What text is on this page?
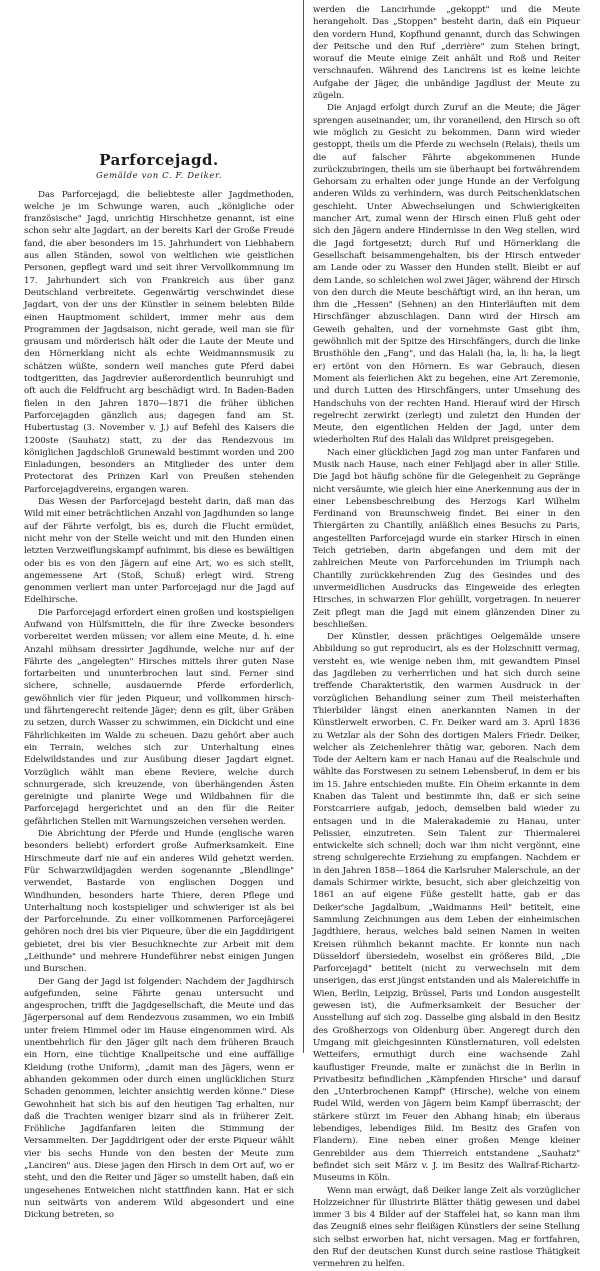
Parforcejagd.
Gemälde von C. F. Deiker.

Das Parforcejagd, die beliebteste aller Jagdmethoden, welche je im Schwunge waren, auch „königliche oder französische" Jagd, unrichtig Hirschhetze genannt, ist eine schon sehr alte Jagdart, an der bereits Karl der Große Freude fand, die aber besonders im 15. Jahrhundert von Liebhabern aus allen Ständen, sowol von weltlichen wie geistlichen Personen, gepflegt ward und seit ihrer Vervollkommnung im 17. Jahrhundert sich von Frankreich aus über ganz Deutschland verbreitete. Gegenwärtig verschwindet diese Jagdart, von der uns der Künstler in seinem belebten Bilde einen Hauptmoment schildert, immer mehr aus dem Programmen der Jagdsaison, nicht gerade, weil man sie für grausam und mörderisch hält oder die Laute der Meute und den Hörnerklang nicht als echte Weidmannsmusik zu schätzen wüßte, sondern weil manches gute Pferd dabei todtgeritten, das Jagdrevier außerordentlich beunruhigt und oft auch die Feldfrucht arg beschädigt wird. In Baden-Baden fielen in den Jahren 1870—1871 die früher üblichen Parforcejagden gänzlich aus; dagegen fand am St. Hubertustag (3. November v. J.) auf Befehl des Kaisers die 1200ste (Sauhatz) statt, zu der das Rendezvous im königlichen Jagdschloß Grunewald bestimmt worden und 200 Einladungen, besonders an Mitglieder des unter dem Protectorat des Prinzen Karl von Preußen stehenden Parforcejagdvereins, ergangen waren.

Das Wesen der Parforcejagd besteht darin, daß man das Wild mit einer beträchtlichen Anzahl von Jagdhunden so lange auf der Fährte verfolgt, bis es, durch die Flucht ermüdet, nicht mehr von der Stelle weicht und mit den Hunden einen letzten Verzweiflungskampf aufnimmt, bis diese es bewältigen oder bis es von den Jägern auf eine Art, wo es sich stellt, angemessene Art (Stoß, Schuß) erlegt wird. Streng genommen verliert man unter Parforcejagd nur die Jagd auf Edelhirsche.

Die Parforcejagd erfordert einen großen und kostspieligen Aufwand von Hülfsmitteln, die für ihre Zwecke besonders vorbereitet werden müssen; vor allem eine Meute, d. h. eine Anzahl mühsam dressirter Jagdhunde, welche nur auf der Fährte des „angelegten" Hirsches mittels ihrer guten Nase fortarbeiten und ununterbrochen laut sind. Ferner sind sichere, schnelle, ausdauernde Pferde erforderlich, gewöhnlich vier für jeden Piqueur, und vollkommen hirsch- und fährtengerecht reitende Jäger; denn es gilt, über Gräben zu setzen, durch Wasser zu schwimmen, ein Dickicht und eine Fährlichkeiten im Walde zu scheuen. Dazu gehört aber auch ein Terrain, welches sich zur Unterhaltung eines Edelwildstandes und zur Ausübung dieser Jagdart eignet. Vorzüglich wählt man ebene Reviere, welche durch schnurgerade, sich kreuzende, von überhängenden Ästen gereinigte und planirte Wege und Wildbahnen für die Parforcejagd hergerichtet und an den für die Reiter gefährlichen Stellen mit Warnungszeichen versehen werden.

Die Abrichtung der Pferde und Hunde (englische waren besonders beliebt) erfordert große Aufmerksamkeit. Eine Hirschmeute darf nie auf ein anderes Wild gehetzt werden. Für Schwarzwildjagden werden sogenannte „Blendlinge" verwendet, Bastarde von englischen Doggen und Windhunden, besonders harte Thiere, deren Pflege und Unterhaltung noch kostspieliger und schwieriger ist als bei der Parforcehunde. Zu einer vollkommenen Parforcejägerei gehören noch drei bis vier Piqueure, über die ein Jagddirigent gebietet, drei bis vier Besuchknechte zur Arbeit mit dem „Leithunde" und mehrere Hundeführer nebst einigen Jungen und Burschen.

Der Gang der Jagd ist folgender: Nachdem der Jagdhirsch aufgefunden, seine Fährte genau untersucht und angesprochen, trifft die Jagdgesellschaft, die Meute und das Jägerpersonal auf dem Rendezvous zusammen, wo ein Imbiß unter freiem Himmel oder im Hause eingenommen wird. Als unentbehrlich für den Jäger gilt nach dem früheren Brauch ein Horn, eine tüchtige Knallpeitsche und eine auffällige Kleidung (rothe Uniform), „damit man des Jägers, wenn er abhanden gekommen oder durch einen unglücklichen Sturz Schaden genommen, leichter ansichtig werden könne." Diese Gewohnheit hat sich bis auf den heutigen Tag erhalten, nur daß die Trachten weniger bizarr sind als in früherer Zeit. Fröhliche Jagdfanfaren leiten die Stimmung der Versammelten. Der Jagddirigent oder der erste Piqueur wählt vier bis sechs Hunde von den besten der Meute zum „Lanciren" aus. Diese jagen den Hirsch in dem Ort auf, wo er steht, und den die Reiter und Jäger so umstellt haben, daß ein ungesehenes Entweichen nicht stattfinden kann. Hat er sich nun seitwärts von anderem Wild abgesondert und eine Dickung betreten, so

werden die Lancirhunde „gekoppt" und die Meute herangeholt. Das „Stoppen" besteht darin, daß ein Piqueur den vordern Hund, Kopfhund genannt, durch das Schwingen der Peitsche und den Ruf „derrière" zum Stehen bringt, worauf die Meute einige Zeit anhält und Roß und Reiter verschnaufen. Während des Lancirens ist es keine leichte Aufgabe der Jäger, die unbändige Jagdlust der Meute zu zügeln.

Die Anjagd erfolgt durch Zuruf an die Meute; die Jäger sprengen auseinander, um, ihr voraneilend, den Hirsch so oft wie möglich zu Gesicht zu bekommen. Dann wird wieder gestoppt, theils um die Pferde zu wechseln (Relais), theils um die auf falscher Fährte abgekommenen Hunde zurückzubringen, theils um sie überhaupt bei fortwährendem Gehorsam zu erhalten oder junge Hunde an der Verfolgung anderen Wilds zu verhindern, was durch Peitschenklatschen geschieht. Unter Abwechselungen und Schwierigkeiten mancher Art, zumal wenn der Hirsch einen Fluß geht oder sich den Jägern andere Hindernisse in den Weg stellen, wird die Jagd fortgesetzt; durch Ruf und Hörnerklang die Gesellschaft beisammengehalten, bis der Hirsch entweder am Lande oder zu Wasser den Hunden stellt. Bleibt er auf dem Lande, so schleichen wol zwei Jäger, während der Hirsch von den durch die Meute beschäftigt wird, an ihn heran, um ihm die „Hessen" (Sehnen) an den Hinterläuften mit dem Hirschfänger abzuschlagen. Dann wird der Hirsch am Geweih gehalten, und der vornehmste Gast gibt ihm, gewöhnlich mit der Spitze des Hirschfängers, durch die linke Brusthöhle den „Fang", und das Halali (ha, la, li: ha, la liegt er) ertönt von den Hörnern. Es war Gebrauch, diesen Moment als feierlichen Akt zu begehen, eine Art Zeremonie, und durch Lutten des Hirschfängers, unter Umsehung des Handschuhs von der rechten Hand. Hierauf wird der Hirsch regelrecht zerwirkt (zerlegt) und zuletzt den Hunden der Meute, den eigentlichen Helden der Jagd, unter dem wiederholten Ruf des Halali das Wildpret preisgegeben.

Nach einer glücklichen Jagd zog man unter Fanfaren und Musik nach Hause, nach einer Fehljagd aber in aller Stille. Die Jagd bot häufig schöne für die Gelegenheit zu Gepränge nicht versäumte, wie gleich hier eine Anerkennung aus der in einer Lebensbeschreibung des Herzogs Karl Wilhelm Ferdinand von Braunschweig findet. Bei einer in den Thiergärten zu Chantilly, anläßlich eines Besuchs zu Paris, angestellten Parforcejagd wurde ein starker Hirsch in einen Teich getrieben, darin abgefangen und dem mit der zahlreichen Meute von Parforcehunden im Triumph nach Chantilly zurückkehrenden Zug des Gesindes und des unvermeidlichen Ausdrucks das Eingeweide des erlegten Hirsches, in schwarzen Flor gehüllt, vorgetragen. In neuerer Zeit pflegt man die Jagd mit einem glänzenden Diner zu beschließen.

Der Künstler, dessen prächtiges Oelgemälde unsere Abbildung so gut reproducirt, als es der Holzschnitt vermag, versteht es, wie wenige neben ihm, mit gewandtem Pinsel das Jagdleben zu verherrlichen und hat sich durch seine treffende Charakteristik, den warmen Ausdruck in der vorzüglichen Behandlung seiner zum Theil meisterhaften Thierbilder längst einen anerkannten Namen in der Künstlerwelt erworben. C. Fr. Deiker ward am 3. April 1836 zu Wetzlar als der Sohn des dortigen Malers Friedr. Deiker, welcher als Zeichenlehrer thätig war, geboren. Nach dem Tode der Aeltern kam er nach Hanau auf die Realschule und wählte das Forstwesen zu seinem Lebensberuf, in dem er bis im 15. Jahre entschieden mußte. Ein Oheim erkannte in dem Knaben das Talent und bestimmte ihn, daß er sich seine Forstcarriere aufgab, jedoch, demselben bald wieder zu entsagen und in die Malerakademie zu Hanau, unter Pelissier, einzutreten. Sein Talent zur Thiermalerei entwickelte sich schnell; doch war ihm nicht vergönnt, eine streng schulgerechte Erziehung zu empfangen. Nachdem er in den Jahren 1858—1864 die Karlsruher Malerschule, an der damals Schirmer wirkte, besucht, sich aber gleichzeitig von 1861 an auf eigene Füße gestellt hatte, gab er das Deiker'sche Jagdalbum, „Waidmanns Heil" betitelt, eine Sammlung Zeichnungen aus dem Leben der einheimischen Jagdthiere, heraus, welches bald seinen Namen in weiten Kreisen rühmlich bekannt machte. Er konnte nun nach Düsseldorf übersiedeln, woselbst ein größeres Bild, „Die Parforcejagd" betitelt (nicht zu verwechseln mit dem unserigen, das erst jüngst entstanden und als Malereichiffe in Wien, Berlin, Leipzig, Brüssel, Paris und London ausgestellt gewesen ist), die Aufmerksamkeit der Besucher der Ausstellung auf sich zog. Dasselbe ging alsbald in den Besitz des Großherzogs von Oldenburg über. Angeregt durch den Umgang mit gleichgesinnten Künstlernaturen, voll edelsten Wetteifers, ermuthigt durch eine wachsende Zahl kauflustiger Freunde, malte er zunächst die in Berlin in Privatbesitz befindlichen „Kämpfenden Hirsche" und darauf den „Unterbrochenen Kampf" (Hirsche), welche von einem Rudel Wild, werden von Jägern beim Kampf überrascht; der stärkere stürzt im Feuer den Abhang hinab; ein überaus lebendiges, lebendiges Bild. Im Besitz des Grafen von Flandern). Eine neben einer großen Menge kleiner Genrebilder aus dem Thierreich entstandene „Sauhatz" befindet sich seit März v. J. im Besitz des Wallraf-Richartz-Museums in Köln.

Wenn man erwägt, daß Deiker lange Zeit als vorzüglicher Holzzeichner für illustrirte Blätter thätig gewesen und dabei immer 3 bis 4 Bilder auf der Staffelei hat, so kann man ihm das Zeugniß eines sehr fleißigen Künstlers der seine Stellung sich selbst erworben hat, nicht versagen. Mag er fortfahren, den Ruf der deutschen Kunst durch seine rastlose Thätigkeit vermehren zu helfen.
